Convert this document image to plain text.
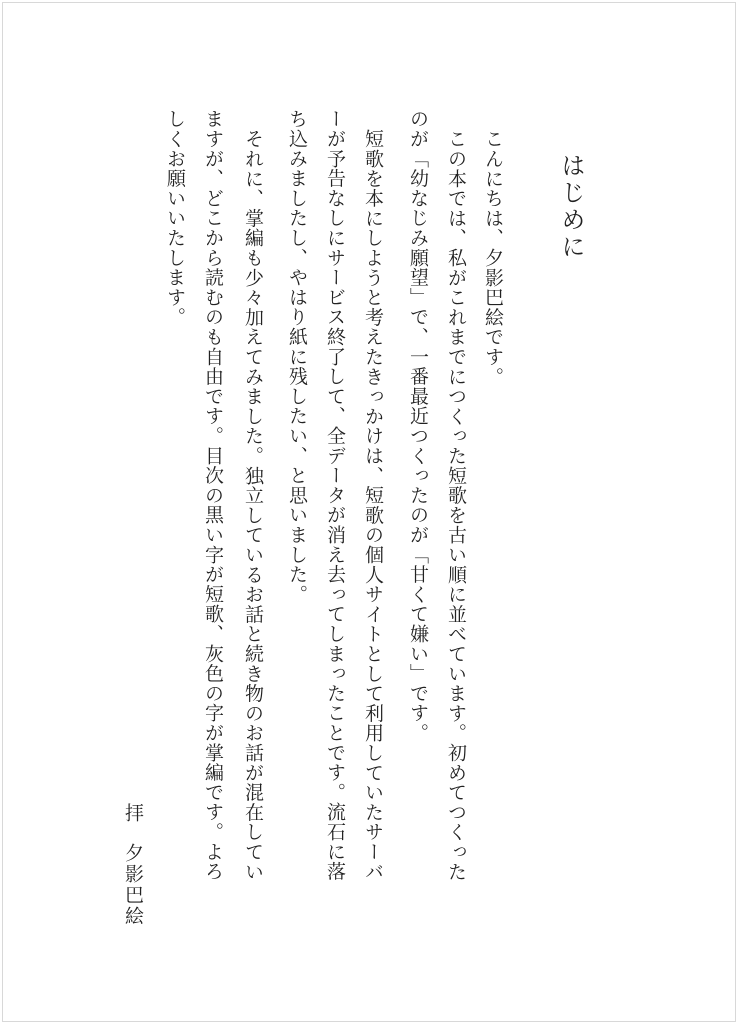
はじめに
こんにちは、夕影巴絵です。
この本では、私がこれまでにつくった短歌を古い順に並べています。初めてつくった
のが「幼なじみ願望」で、一番最近つくったのが「甘くて嫌い」です。
短歌を本にしようと考えたきっかけは、短歌の個人サイトとして利用していたサーバ
ーが予告なしにサービス終了して、全データが消え去ってしまったことです。流石に落
ち込みましたし、やはり紙に残したい、と思いました。
それに、掌編も少々加えてみました。独立しているお話と続き物のお話が混在してい
ますが、どこから読むのも自由です。目次の黒い字が短歌、灰色の字が掌編です。よろ
しくお願いいたします。
拝
夕影巴絵
